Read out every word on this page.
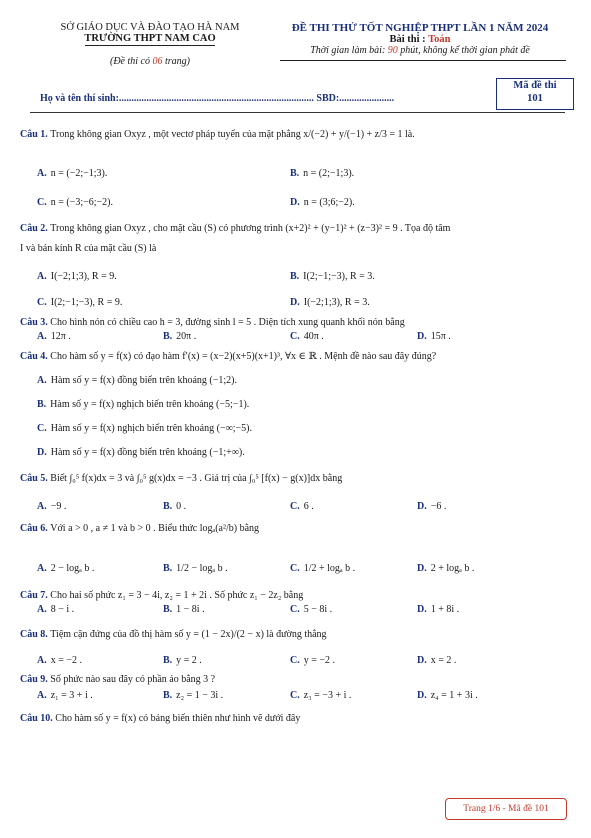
SỞ GIÁO DỤC VÀ ĐÀO TẠO HÀ NAM
TRƯỜNG THPT NAM CAO
(Đề thi có 06 trang)
ĐỀ THI THỬ TỐT NGHIỆP THPT LẦN 1 NĂM 2024
Bài thi : Toán
Thời gian làm bài: 90 phút, không kể thời gian phát đề
Mã đề thi
101
Họ và tên thí sinh:.............................................................................. SBD:......................
Câu 1. Trong không gian Oxyz , một vectơ pháp tuyến của mặt phẳng x/(−2) + y/(−1) + z/3 = 1 là.
A. n = (−2;−1;3).	B. n = (2;−1;3).
C. n = (−3;−6;−2).	D. n = (3;6;−2).
Câu 2. Trong không gian Oxyz , cho mặt cầu (S) có phương trình (x+2)² + (y−1)² + (z−3)² = 9 . Tọa độ tâm
I và bán kính R của mặt cầu (S) là
A. I(−2;1;3), R = 9.	B. I(2;−1;−3), R = 3.
C. I(2;−1;−3), R = 9.	D. I(−2;1;3), R = 3.
Câu 3. Cho hình nón có chiều cao h = 3, đường sinh l = 5 . Diện tích xung quanh khối nón bằng
A. 12π .	B. 20π .	C. 40π .	D. 15π .
Câu 4. Cho hàm số y = f(x) có đạo hàm f′(x) = (x−2)(x+5)(x+1)³, ∀x ∈ ℝ . Mệnh đề nào sau đây đúng?
A. Hàm số y = f(x) đồng biến trên khoảng (−1;2).
B. Hàm số y = f(x) nghịch biến trên khoảng (−5;−1).
C. Hàm số y = f(x) nghịch biến trên khoảng (−∞;−5).
D. Hàm số y = f(x) đồng biến trên khoảng (−1;+∞).
Câu 5. Biết ∫₀⁵ f(x)dx = 3 và ∫₀⁵ g(x)dx = −3 . Giá trị của ∫₀⁵ [f(x) − g(x)]dx bằng
A. −9 .	B. 0 .	C. 6 .	D. −6 .
Câu 6. Với a > 0 , a ≠ 1 và b > 0 . Biểu thức logₐ(a²/b) bằng
A. 2 − logₐ b .	B. 1/2 − logₐ b .	C. 1/2 + logₐ b .	D. 2 + logₐ b .
Câu 7. Cho hai số phức z₁ = 3 − 4i, z₂ = 1 + 2i . Số phức z₁ − 2z₂ bằng
A. 8 − i .	B. 1 − 8i .	C. 5 − 8i .	D. 1 + 8i .
Câu 8. Tiệm cận đứng của đồ thị hàm số y = (1 − 2x)/(2 − x) là đường thẳng
A. x = −2 .	B. y = 2 .	C. y = −2 .	D. x = 2 .
Câu 9. Số phức nào sau đây có phần ảo bằng 3 ?
A. z₁ = 3 + i .	B. z₂ = 1 − 3i .	C. z₃ = −3 + i .	D. z₄ = 1 + 3i .
Câu 10. Cho hàm số y = f(x) có bảng biến thiên như hình vẽ dưới đây
Trang 1/6 - Mã đề 101
